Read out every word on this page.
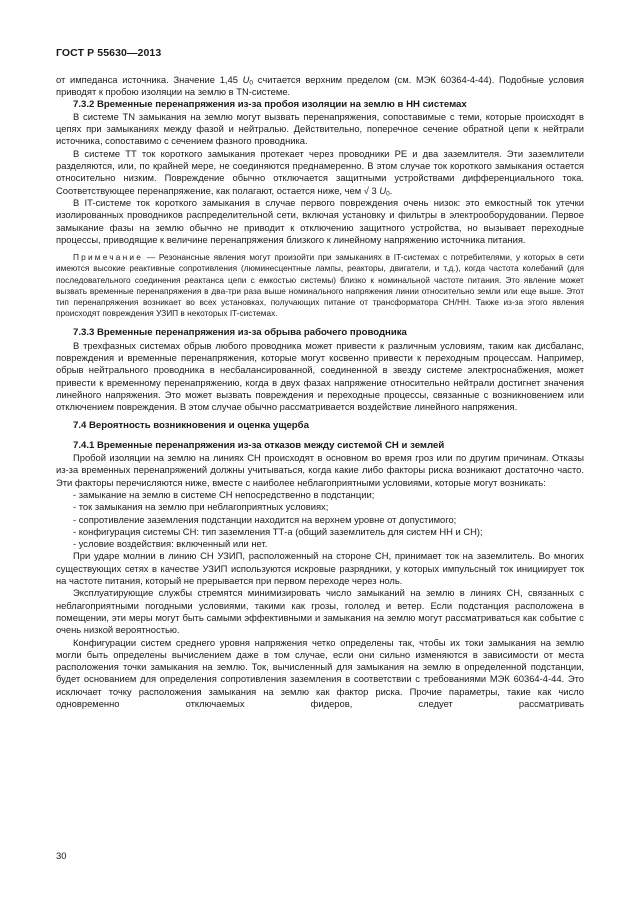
ГОСТ Р 55630—2013

от импеданса источника. Значение 1,45 $U_0$ считается верхним пределом (см. МЭК 60364-4-44). Подобные условия приводят к пробою изоляции на землю в TN-системе.

7.3.2 Временные перенапряжения из-за пробоя изоляции на землю в НН системах

В системе TN замыкания на землю могут вызвать перенапряжения, сопоставимые с теми, которые происходят в цепях при замыканиях между фазой и нейтралью. Действительно, поперечное сечение обратной цепи к нейтрали источника, сопоставимо с сечением фазного проводника.

В системе ТТ ток короткого замыкания протекает через проводники РЕ и два заземлителя. Эти заземлители разделяются, или, по крайней мере, не соединяются преднамеренно. В этом случае ток короткого замыкания остается относительно низким. Повреждение обычно отключается защитными устройствами дифференциального тока. Соответствующее перенапряжение, как полагают, остается ниже, чем √ 3 $U_0$.

В IT-системе ток короткого замыкания в случае первого повреждения очень низок: это емкостный ток утечки изолированных проводников распределительной сети, включая установку и фильтры в электрооборудовании. Первое замыкание фазы на землю обычно не приводит к отключению защитного устройства, но вызывает переходные процессы, приводящие к величине перенапряжения близкого к линейному напряжению источника питания.

Примечание — Резонансные явления могут произойти при замыканиях в IT-системах с потребителями, у которых в сети имеются высокие реактивные сопротивления (люминесцентные лампы, реакторы, двигатели, и т.д.), когда частота колебаний (для последовательного соединения реактанса цепи с емкостью системы) близко к номинальной частоте питания. Это явление может вызвать временные перенапряжения в два-три раза выше номинального напряжения линии относительно земли или еще выше. Этот тип перенапряжения возникает во всех установках, получающих питание от трансформатора СН/НН. Также из-за этого явления происходят повреждения УЗИП в некоторых IT-системах.

7.3.3 Временные перенапряжения из-за обрыва рабочего проводника

В трехфазных системах обрыв любого проводника может привести к различным условиям, таким как дисбаланс, повреждения и временные перенапряжения, которые могут косвенно привести к переходным процессам. Например, обрыв нейтрального проводника в несбалансированной, соединенной в звезду системе электроснабжения, может привести к временному перенапряжению, когда в двух фазах напряжение относительно нейтрали достигнет значения линейного напряжения. Это может вызвать повреждения и переходные процессы, связанные с возникновением или отключением повреждения. В этом случае обычно рассматривается воздействие линейного напряжения.

7.4 Вероятность возникновения и оценка ущерба

7.4.1 Временные перенапряжения из-за отказов между системой СН и землей

Пробой изоляции на землю на линиях СН происходят в основном во время гроз или по другим причинам. Отказы из-за временных перенапряжений должны учитываться, когда какие либо факторы риска возникают достаточно часто. Эти факторы перечисляются ниже, вместе с наиболее неблагоприятными условиями, которые могут возникать:

- замыкание на землю в системе СН непосредственно в подстанции;

- ток замыкания на землю при неблагоприятных условиях;

- сопротивление заземления подстанции находится на верхнем уровне от допустимого;

- конфигурация системы СН: тип заземления ТТ-а (общий заземлитель для систем НН и СН);

- условие воздействия: включенный или нет.

При ударе молнии в линию СН УЗИП, расположенный на стороне СН, принимает ток на заземлитель. Во многих существующих сетях в качестве УЗИП используются искровые разрядники, у которых импульсный ток инициирует ток на частоте питания, который не прерывается при первом переходе через ноль.

Эксплуатирующие службы стремятся минимизировать число замыканий на землю в линиях СН, связанных с неблагоприятными погодными условиями, такими как грозы, гололед и ветер. Если подстанция расположена в помещении, эти меры могут быть самыми эффективными и замыкания на землю могут рассматриваться как событие с очень низкой вероятностью.

Конфигурации систем среднего уровня напряжения четко определены так, чтобы их токи замыкания на землю могли быть определены вычислением даже в том случае, если они сильно изменяются в зависимости от места расположения точки замыкания на землю. Ток, вычисленный для замыкания на землю в определенной подстанции, будет основанием для определения сопротивления заземления в соответствии с требованиями МЭК 60364-4-44. Это исключает точку расположения замыкания на землю как фактор риска. Прочие параметры, такие как число одновременно отключаемых фидеров, следует рассматривать

30
